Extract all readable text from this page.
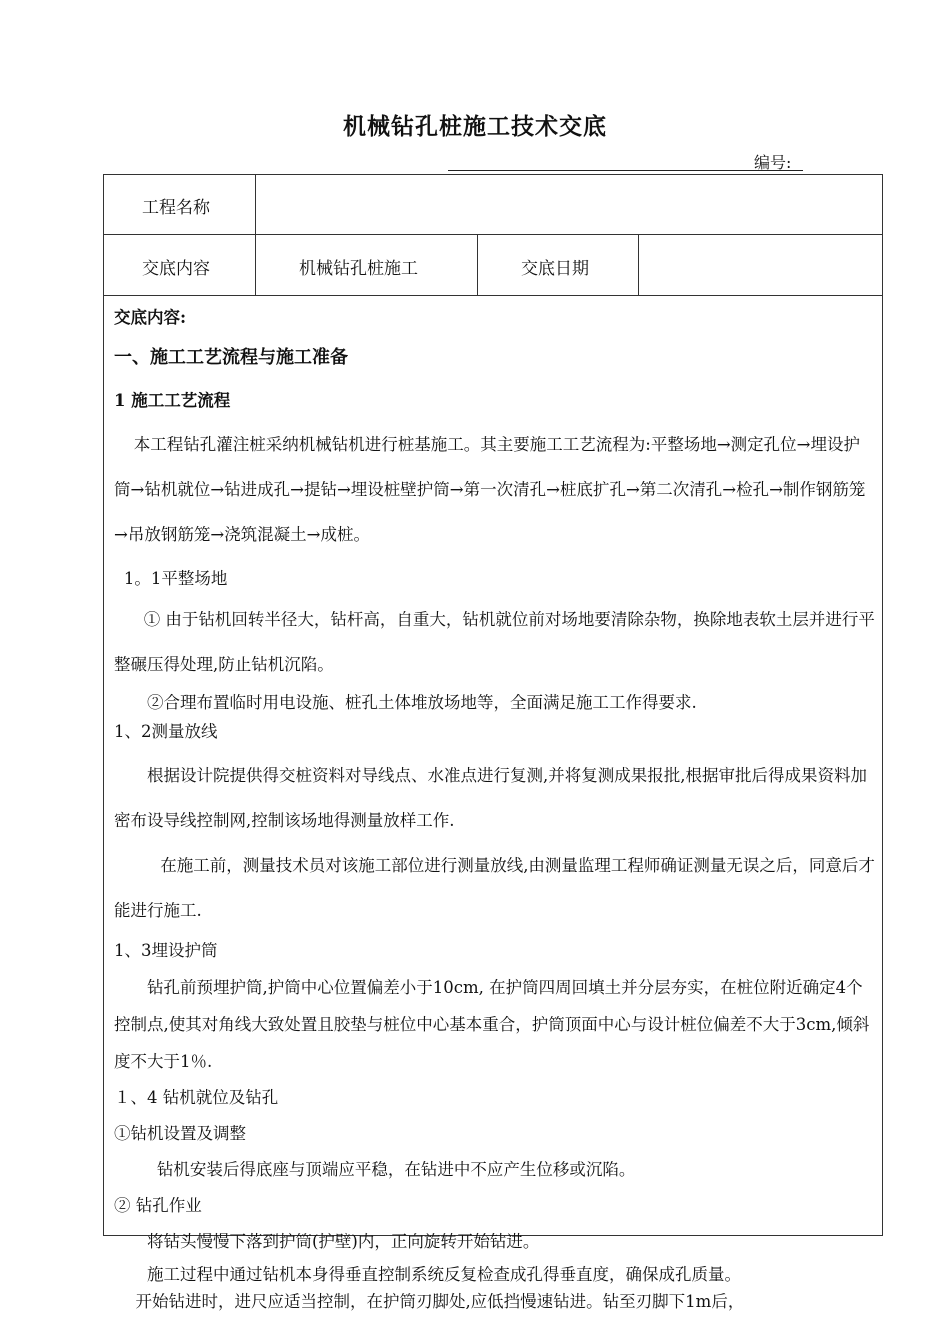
机械钻孔桩施工技术交底
编号:
工程名称
交底内容	机械钻孔桩施工	交底日期

交底内容:

一、施工工艺流程与施工准备

1 施工工艺流程

本工程钻孔灌注桩采纳机械钻机进行桩基施工。其主要施工工艺流程为:平整场地→测定孔位→埋设护筒→钻机就位→钻进成孔→提钻→埋设桩壁护筒→第一次清孔→桩底扩孔→第二次清孔→检孔→制作钢筋笼→吊放钢筋笼→浇筑混凝土→成桩。

1。1平整场地

① 由于钻机回转半径大，钻杆高，自重大，钻机就位前对场地要清除杂物，换除地表软土层并进行平整碾压得处理,防止钻机沉陷。

②合理布置临时用电设施、桩孔土体堆放场地等，全面满足施工工作得要求.

1、2测量放线

根据设计院提供得交桩资料对导线点、水准点进行复测,并将复测成果报批,根据审批后得成果资料加密布设导线控制网,控制该场地得测量放样工作.

在施工前，测量技术员对该施工部位进行测量放线,由测量监理工程师确证测量无误之后，同意后才能进行施工.

1、3埋设护筒

钻孔前预埋护筒,护筒中心位置偏差小于10cm, 在护筒四周回填土并分层夯实，在桩位附近确定4个控制点,使其对角线大致处置且胶垫与桩位中心基本重合，护筒顶面中心与设计桩位偏差不大于3cm,倾斜度不大于1％.

１、4 钻机就位及钻孔

①钻机设置及调整

钻机安装后得底座与顶端应平稳，在钻进中不应产生位移或沉陷。

② 钻孔作业

将钻头慢慢下落到护筒(护壁)内，正向旋转开始钻进。

施工过程中通过钻机本身得垂直控制系统反复检查成孔得垂直度，确保成孔质量。

开始钻进时，进尺应适当控制，在护筒刃脚处,应低挡慢速钻进。钻至刃脚下1m后，
